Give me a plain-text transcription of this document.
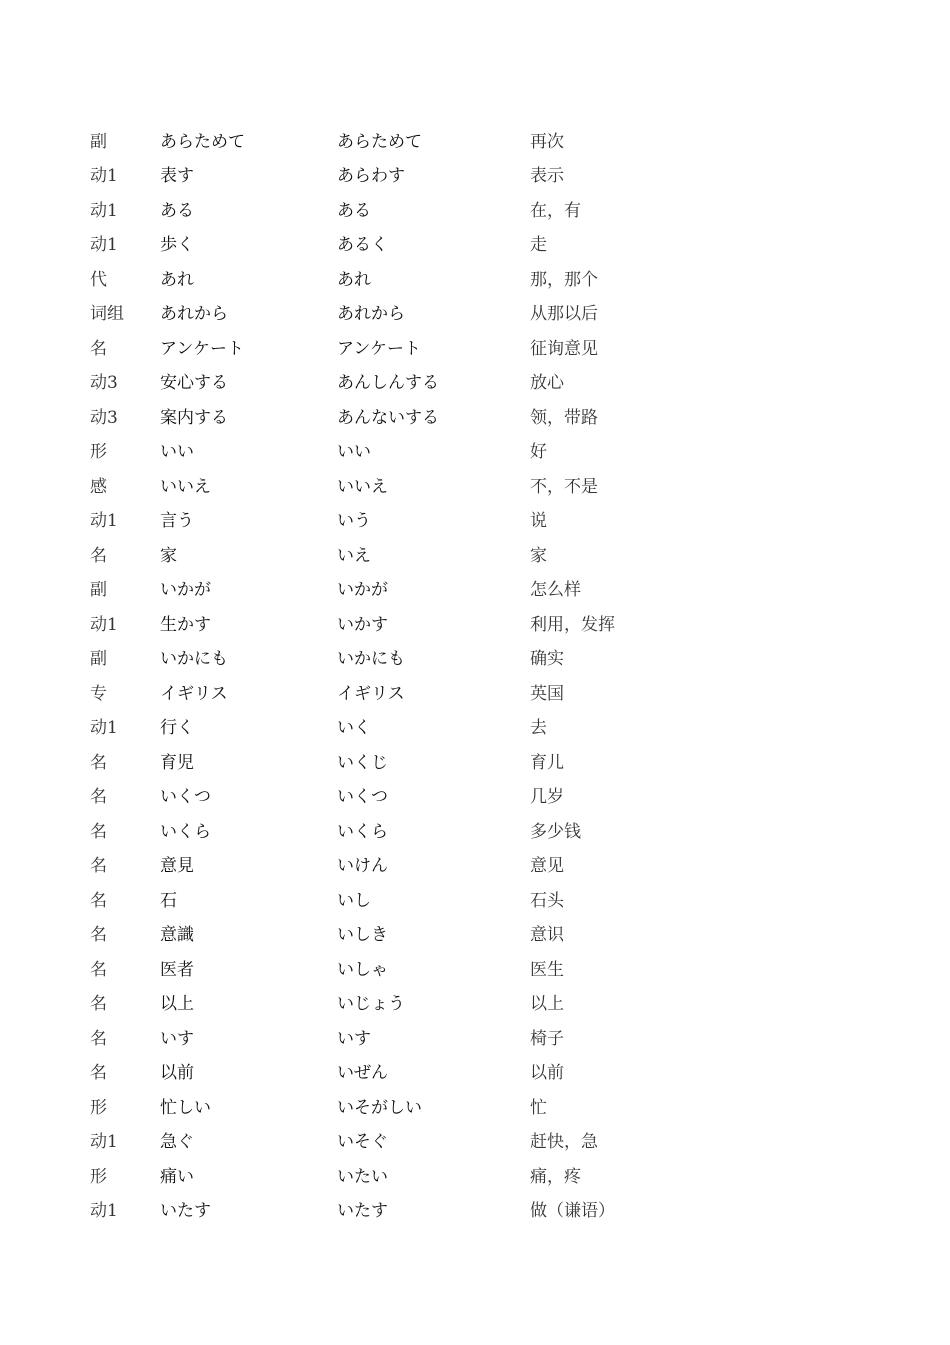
副	あらためて	あらためて	再次
动1	表す	あらわす	表示
动1	ある	ある	在，有
动1	歩く	あるく	走
代	あれ	あれ	那，那个
词组	あれから	あれから	从那以后
名	アンケート	アンケート	征询意见
动3	安心する	あんしんする	放心
动3	案内する	あんないする	领，带路
形	いい	いい	好
感	いいえ	いいえ	不，不是
动1	言う	いう	说
名	家	いえ	家
副	いかが	いかが	怎么样
动1	生かす	いかす	利用，发挥
副	いかにも	いかにも	确实
专	イギリス	イギリス	英国
动1	行く	いく	去
名	育児	いくじ	育儿
名	いくつ	いくつ	几岁
名	いくら	いくら	多少钱
名	意見	いけん	意见
名	石	いし	石头
名	意識	いしき	意识
名	医者	いしゃ	医生
名	以上	いじょう	以上
名	いす	いす	椅子
名	以前	いぜん	以前
形	忙しい	いそがしい	忙
动1	急ぐ	いそぐ	赶快，急
形	痛い	いたい	痛，疼
动1	いたす	いたす	做（谦语）
